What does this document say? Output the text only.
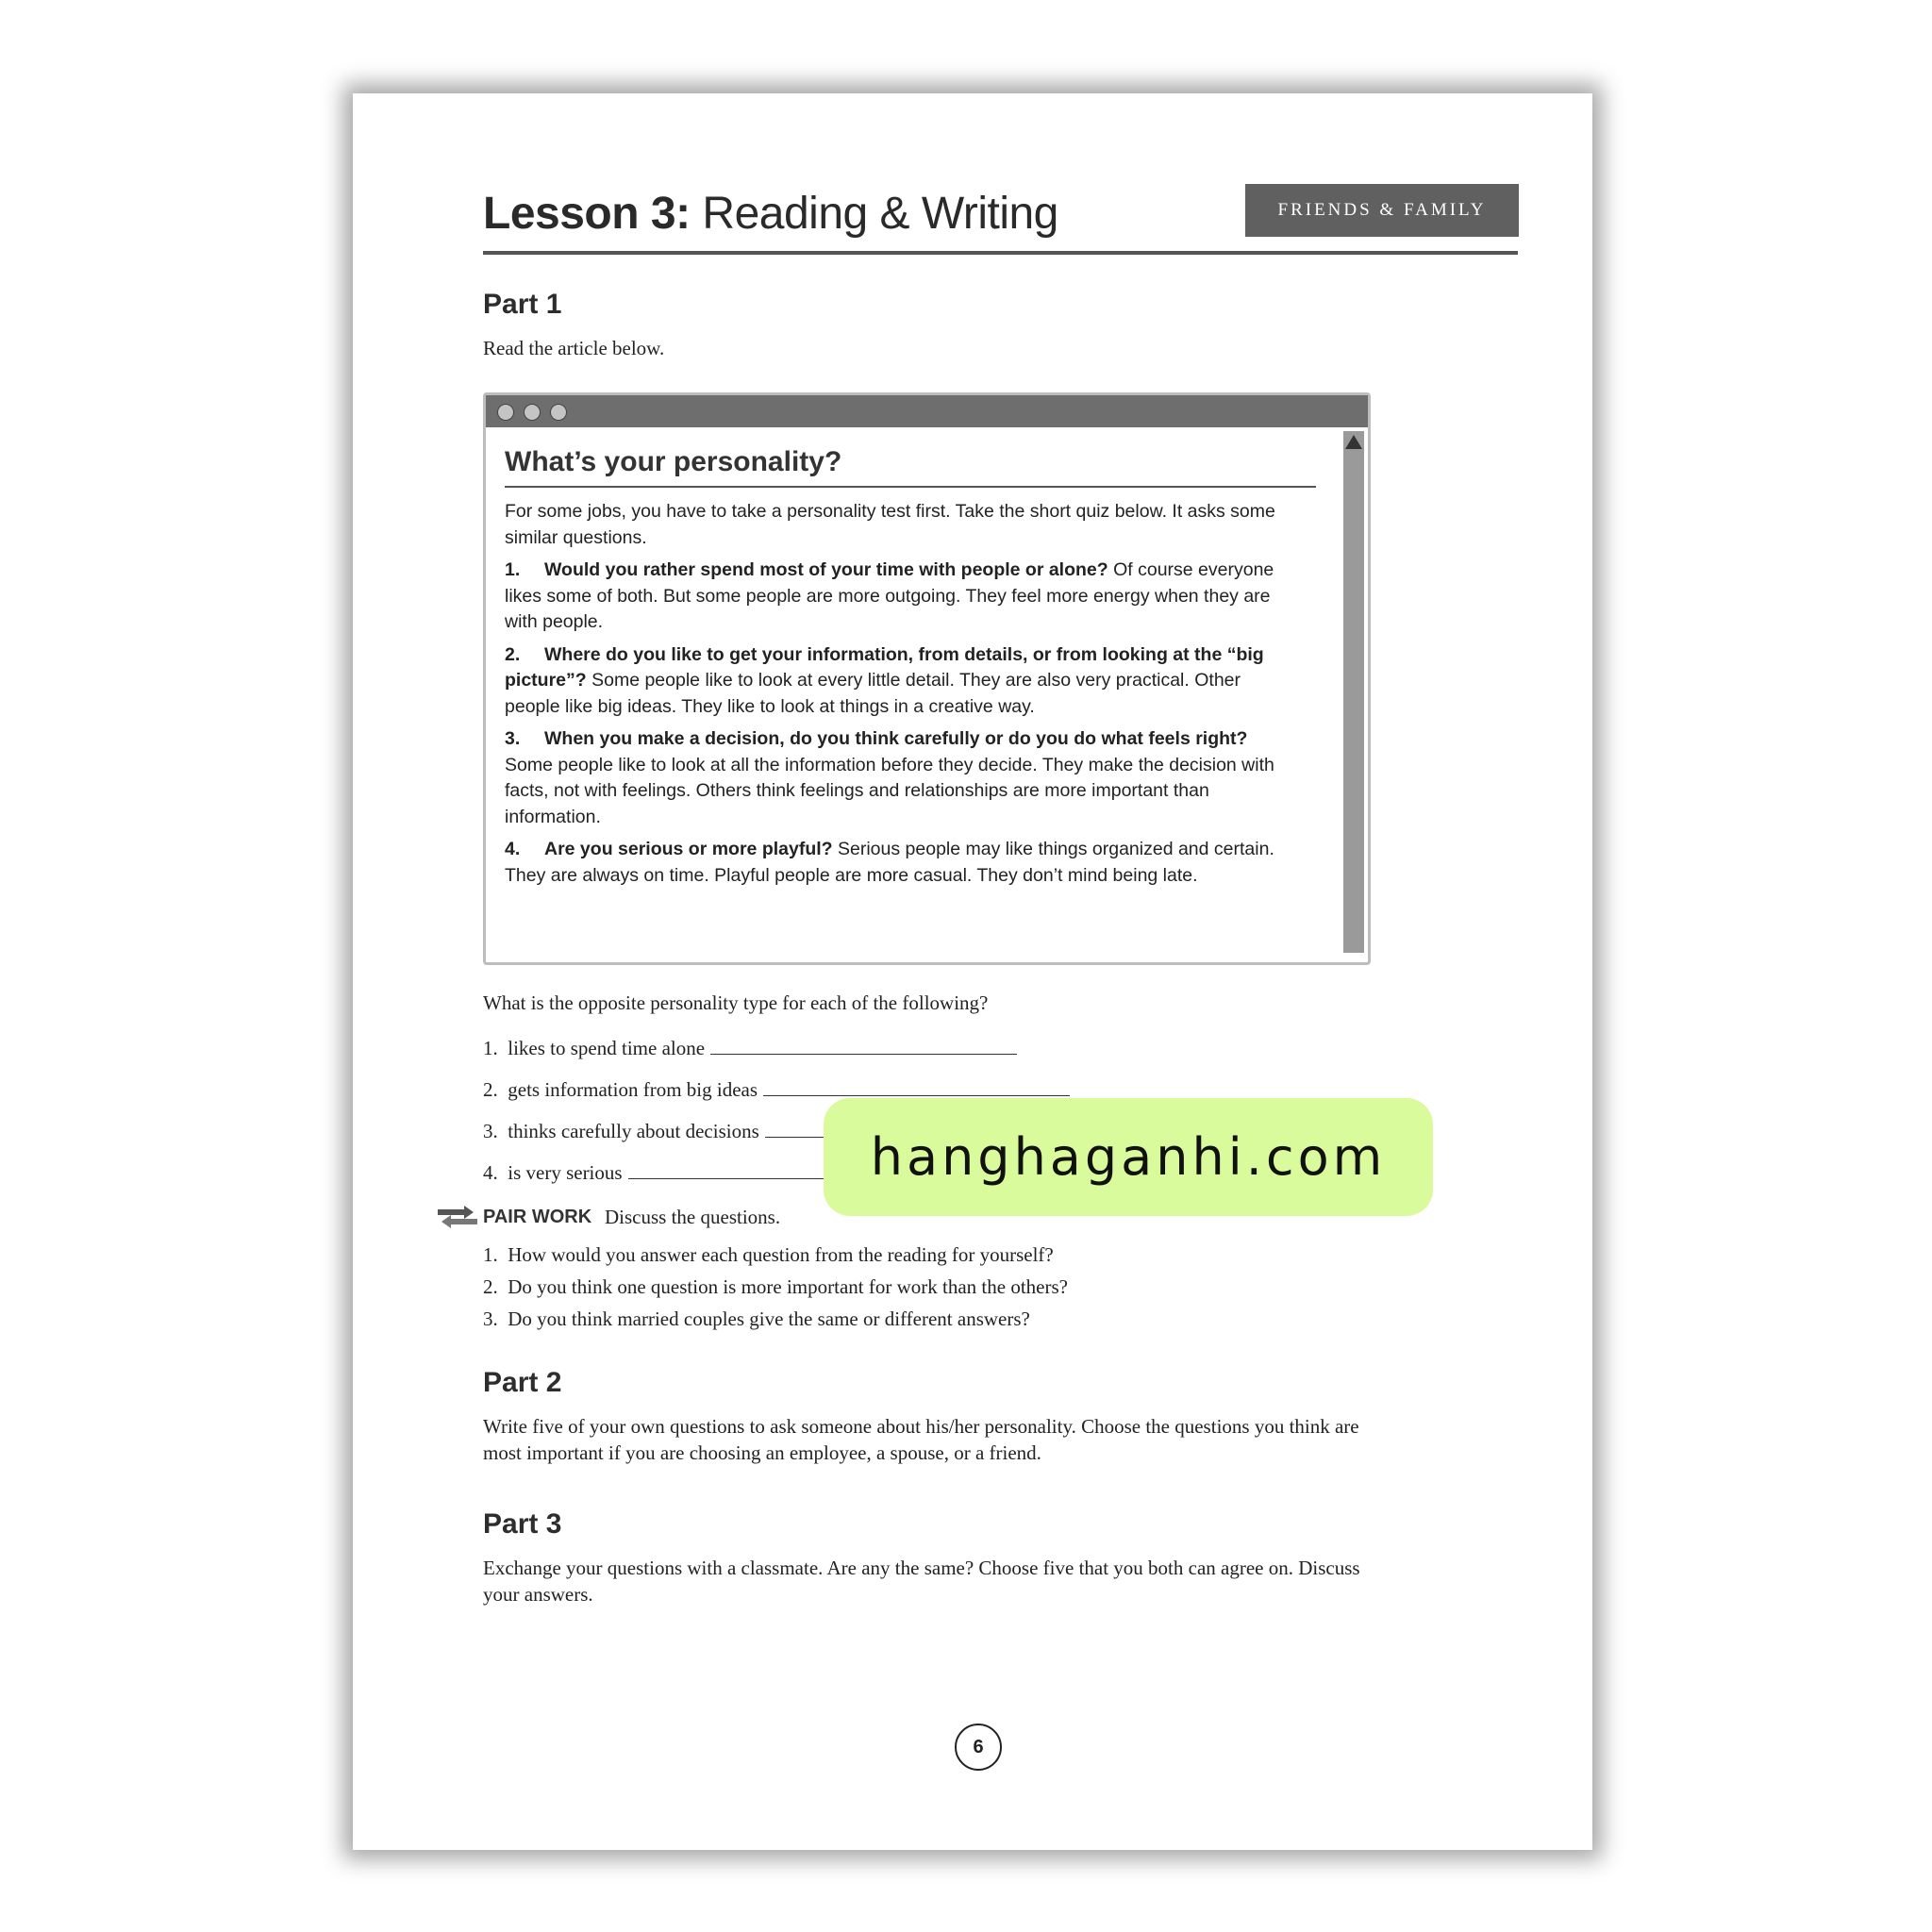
Lesson 3: Reading & Writing	FRIENDS & FAMILY
Part 1
Read the article below.
What’s your personality?

For some jobs, you have to take a personality test first. Take the short quiz below. It asks some similar questions.

1. Would you rather spend most of your time with people or alone? Of course everyone likes some of both. But some people are more outgoing. They feel more energy when they are with people.

2. Where do you like to get your information, from details, or from looking at the “big picture”? Some people like to look at every little detail. They are also very practical. Other people like big ideas. They like to look at things in a creative way.

3. When you make a decision, do you think carefully or do you do what feels right? Some people like to look at all the information before they decide. They make the decision with facts, not with feelings. Others think feelings and relationships are more important than information.

4. Are you serious or more playful? Serious people may like things organized and certain. They are always on time. Playful people are more casual. They don’t mind being late.

What is the opposite personality type for each of the following?
1. likes to spend time alone
2. gets information from big ideas
3. thinks carefully about decisions
4. is very serious
PAIR WORK Discuss the questions.
1. How would you answer each question from the reading for yourself?
2. Do you think one question is more important for work than the others?
3. Do you think married couples give the same or different answers?
Part 2
Write five of your own questions to ask someone about his/her personality. Choose the questions you think are most important if you are choosing an employee, a spouse, or a friend.
Part 3
Exchange your questions with a classmate. Are any the same? Choose five that you both can agree on. Discuss your answers.
6
hanghaganhi.com
